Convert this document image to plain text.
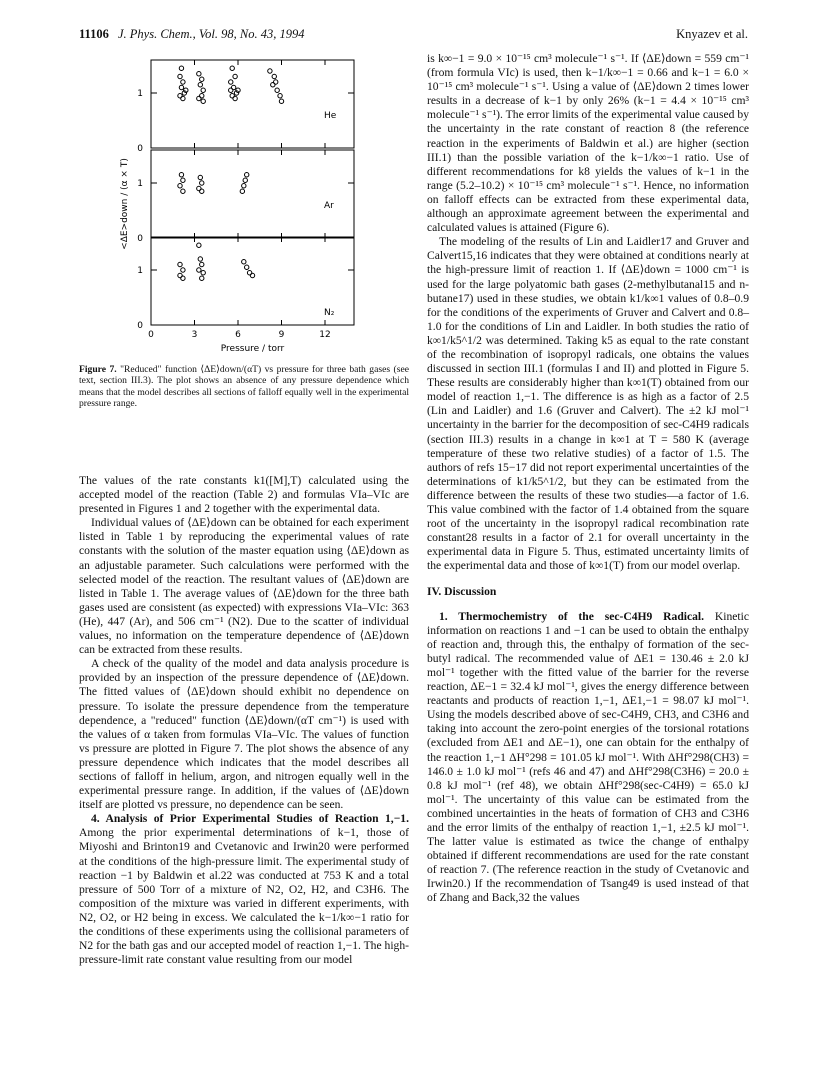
11106 J. Phys. Chem., Vol. 98, No. 43, 1994	Knyazev et al.
0
1
He
0
1
Ar
0
1
N₂
0	3	6	9	12
Pressure / torr
<ΔE>down / (α × T)
Figure 7. "Reduced" function ⟨ΔE⟩down/(αT) vs pressure for three bath gases (see text, section III.3). The plot shows an absence of any pressure dependence which means that the model describes all sections of falloff equally well in the experimental pressure range.

The values of the rate constants k1([M],T) calculated using the accepted model of the reaction (Table 2) and formulas VIa–VIc are presented in Figures 1 and 2 together with the experimental data.

Individual values of ⟨ΔE⟩down can be obtained for each experiment listed in Table 1 by reproducing the experimental values of rate constants with the solution of the master equation using ⟨ΔE⟩down as an adjustable parameter. Such calculations were performed with the selected model of the reaction. The resultant values of ⟨ΔE⟩down are listed in Table 1. The average values of ⟨ΔE⟩down for the three bath gases used are consistent (as expected) with expressions VIa–VIc: 363 (He), 447 (Ar), and 506 cm⁻¹ (N2). Due to the scatter of individual values, no information on the temperature dependence of ⟨ΔE⟩down can be extracted from these results.

A check of the quality of the model and data analysis procedure is provided by an inspection of the pressure dependence of ⟨ΔE⟩down. The fitted values of ⟨ΔE⟩down should exhibit no dependence on pressure. To isolate the pressure dependence from the temperature dependence, a "reduced" function ⟨ΔE⟩down/(αT cm⁻¹) is used with the values of α taken from formulas VIa–VIc. The values of function vs pressure are plotted in Figure 7. The plot shows the absence of any pressure dependence which indicates that the model describes all sections of falloff in helium, argon, and nitrogen equally well in the experimental pressure range. In addition, if the values of ⟨ΔE⟩down itself are plotted vs pressure, no dependence can be seen.

4. Analysis of Prior Experimental Studies of Reaction 1,−1. Among the prior experimental determinations of k−1, those of Miyoshi and Brinton19 and Cvetanovic and Irwin20 were performed at the conditions of the high-pressure limit. The experimental study of reaction −1 by Baldwin et al.22 was conducted at 753 K and a total pressure of 500 Torr of a mixture of N2, O2, H2, and C3H6. The composition of the mixture was varied in different experiments, with N2, O2, or H2 being in excess. We calculated the k−1/k∞−1 ratio for the conditions of these experiments using the collisional parameters of N2 for the bath gas and our accepted model of reaction 1,−1. The high-pressure-limit rate constant value resulting from our model

is k∞−1 = 9.0 × 10⁻¹⁵ cm³ molecule⁻¹ s⁻¹. If ⟨ΔE⟩down = 559 cm⁻¹ (from formula VIc) is used, then k−1/k∞−1 = 0.66 and k−1 = 6.0 × 10⁻¹⁵ cm³ molecule⁻¹ s⁻¹. Using a value of ⟨ΔE⟩down 2 times lower results in a decrease of k−1 by only 26% (k−1 = 4.4 × 10⁻¹⁵ cm³ molecule⁻¹ s⁻¹). The error limits of the experimental value caused by the uncertainty in the rate constant of reaction 8 (the reference reaction in the experiments of Baldwin et al.) are higher (section III.1) than the possible variation of the k−1/k∞−1 ratio. Use of different recommendations for k8 yields the values of k−1 in the range (5.2–10.2) × 10⁻¹⁵ cm³ molecule⁻¹ s⁻¹. Hence, no information on falloff effects can be extracted from these experimental data, although an approximate agreement between the experimental and calculated values is attained (Figure 6).

The modeling of the results of Lin and Laidler17 and Gruver and Calvert15,16 indicates that they were obtained at conditions nearly at the high-pressure limit of reaction 1. If ⟨ΔE⟩down = 1000 cm⁻¹ is used for the large polyatomic bath gases (2-methylbutanal15 and n-butane17) used in these studies, we obtain k1/k∞1 values of 0.8–0.9 for the conditions of the experiments of Gruver and Calvert and 0.8–1.0 for the conditions of Lin and Laidler. In both studies the ratio of k∞1/k5^1/2 was determined. Taking k5 as equal to the rate constant of the recombination of isopropyl radicals, one obtains the values discussed in section III.1 (formulas I and II) and plotted in Figure 5. These results are considerably higher than k∞1(T) obtained from our model of reaction 1,−1. The difference is as high as a factor of 2.5 (Lin and Laidler) and 1.6 (Gruver and Calvert). The ±2 kJ mol⁻¹ uncertainty in the barrier for the decomposition of sec-C4H9 radicals (section III.3) results in a change in k∞1 at T = 580 K (average temperature of these two relative studies) of a factor of 1.5. The authors of refs 15−17 did not report experimental uncertainties of the determinations of k1/k5^1/2, but they can be estimated from the difference between the results of these two studies—a factor of 1.6. This value combined with the factor of 1.4 obtained from the square root of the uncertainty in the isopropyl radical recombination rate constant28 results in a factor of 2.1 for overall uncertainty in the experimental data in Figure 5. Thus, estimated uncertainty limits of the experimental data and those of k∞1(T) from our model overlap.

IV. Discussion

1. Thermochemistry of the sec-C4H9 Radical. Kinetic information on reactions 1 and −1 can be used to obtain the enthalpy of reaction and, through this, the enthalpy of formation of the sec-butyl radical. The recommended value of ΔE1 = 130.46 ± 2.0 kJ mol⁻¹ together with the fitted value of the barrier for the reverse reaction, ΔE−1 = 32.4 kJ mol⁻¹, gives the energy difference between reactants and products of reaction 1,−1, ΔE1,−1 = 98.07 kJ mol⁻¹. Using the models described above of sec-C4H9, CH3, and C3H6 and taking into account the zero-point energies of the torsional rotations (excluded from ΔE1 and ΔE−1), one can obtain for the enthalpy of the reaction 1,−1 ΔH°298 = 101.05 kJ mol⁻¹. With ΔHf°298(CH3) = 146.0 ± 1.0 kJ mol⁻¹ (refs 46 and 47) and ΔHf°298(C3H6) = 20.0 ± 0.8 kJ mol⁻¹ (ref 48), we obtain ΔHf°298(sec-C4H9) = 65.0 kJ mol⁻¹. The uncertainty of this value can be estimated from the combined uncertainties in the heats of formation of CH3 and C3H6 and the error limits of the enthalpy of reaction 1,−1, ±2.5 kJ mol⁻¹. The latter value is estimated as twice the change of enthalpy obtained if different recommendations are used for the rate constant of reaction 7. (The reference reaction in the study of Cvetanovic and Irwin20.) If the recommendation of Tsang49 is used instead of that of Zhang and Back,32 the values
